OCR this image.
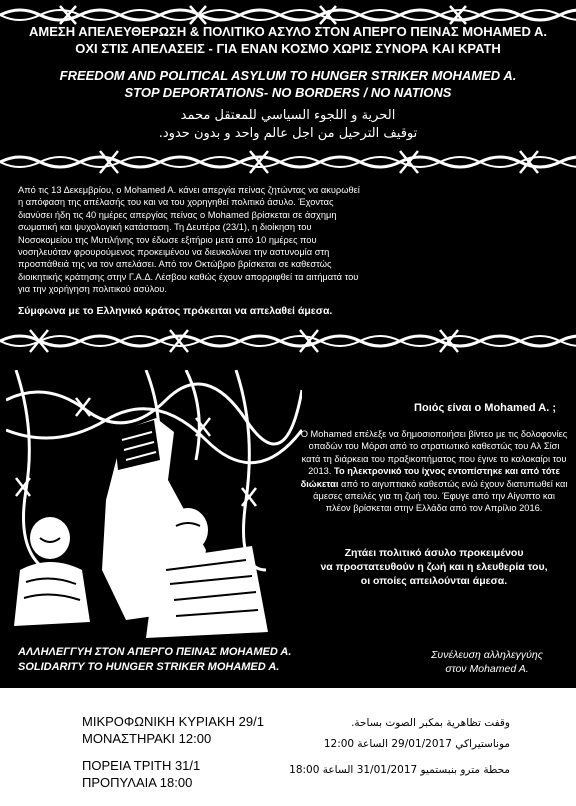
ΑΜΕΣΗ ΑΠΕΛΕΥΘΕΡΩΣΗ & ΠΟΛΙΤΙΚΟ ΑΣΥΛΟ ΣΤΟΝ ΑΠΕΡΓΟ ΠΕΙΝΑΣ MOHAMED A.

ΟΧΙ ΣΤΙΣ ΑΠΕΛΑΣΕΙΣ - ΓΙΑ ΕΝΑΝ ΚΟΣΜΟ ΧΩΡΙΣ ΣΥΝΟΡΑ ΚΑΙ ΚΡΑΤΗ

FREEDOM AND POLITICAL ASYLUM TO HUNGER STRIKER MOHAMED A.

STOP DEPORTATIONS- NO BORDERS / NO NATIONS

الحرية و اللجوء السياسي للمعتقل محمد
توقيف الترحيل من اجل عالم واحد و بدون حدود.

Από τις 13 Δεκεμβρίου, ο Mohamed A. κάνει απεργία πείνας ζητώντας να ακυρωθεί η απόφαση της απέλασής του και να του χορηγηθεί πολιτικό άσυλο. Έχοντας διανύσει ήδη τις 40 ημέρες απεργίας πείνας ο Mohamed βρίσκεται σε άσχημη σωματική και ψυχολογική κατάσταση. Τη Δευτέρα (23/1), η διοίκηση του Νοσοκομείου της Μυτιλήνης τον έδωσε εξιτήριο μετά από 10 ημέρες που νοσηλευόταν φρουρούμενος προκειμένου να διευκολύνει την αστυνομία στη προσπάθειά της να τον απελάσει. Από τον Οκτώβριο βρίσκεται σε καθεστώς διοικητικής κράτησης στην Γ.Α.Δ. Λέσβου καθώς έχουν απορριφθεί τα αιτήματά του για την χορήγηση πολιτικού ασύλου.

Σύμφωνα με το Ελληνικό κράτος πρόκειται να απελαθεί άμεσα.

Ποιός είναι ο Mohamed A. ;

Ο Mohamed επέλεξε να δημοσιοποιήσει βίντεο με τις δολοφονίες οπαδών του Μόρσι από το στρατιωτικό καθεστώς του Αλ Σίσι κατά τη διάρκεια του πραξικοπήματος που έγινε το καλοκαίρι του 2013. Το ηλεκτρονικό του ίχνος εντοπίστηκε και από τότε διώκεται από το αιγυπτιακό καθεστώς ενώ έχουν διατυπωθεί και άμεσες απειλές για τη ζωή του. Έφυγε από την Αίγυπτο και πλέον βρίσκεται στην Ελλάδα από τον Απρίλιο 2016.

Ζητάει πολιτικό άσυλο προκειμένου
να προστατευθούν η ζωή και η ελευθερία του,
οι οποίες απειλούνται άμεσα.

ΑΛΛΗΛΕΓΓΥΗ ΣΤΟΝ ΑΠΕΡΓΟ ΠΕΙΝΑΣ MOHAMED A.

SOLIDARITY TO HUNGER STRIKER MOHAMED A.

Συνέλευση αλληλεγγύης
στον Mohamed A.

ΜΙΚΡΟΦΩΝΙΚΗ ΚΥΡΙΑΚΗ 29/1

ΜΟΝΑΣΤΗΡΑΚΙ 12:00

ΠΟΡΕΙΑ ΤΡΙΤΗ 31/1

ΠΡΟΠΥΛΑΙΑ 18:00

وقفت تظاهرية بمكبر الصوت بساحة.
موناستيراكي 29/01/2017 الساعة 12:00
محطة مترو بنبستميو 31/01/2017 الساعة 18:00
